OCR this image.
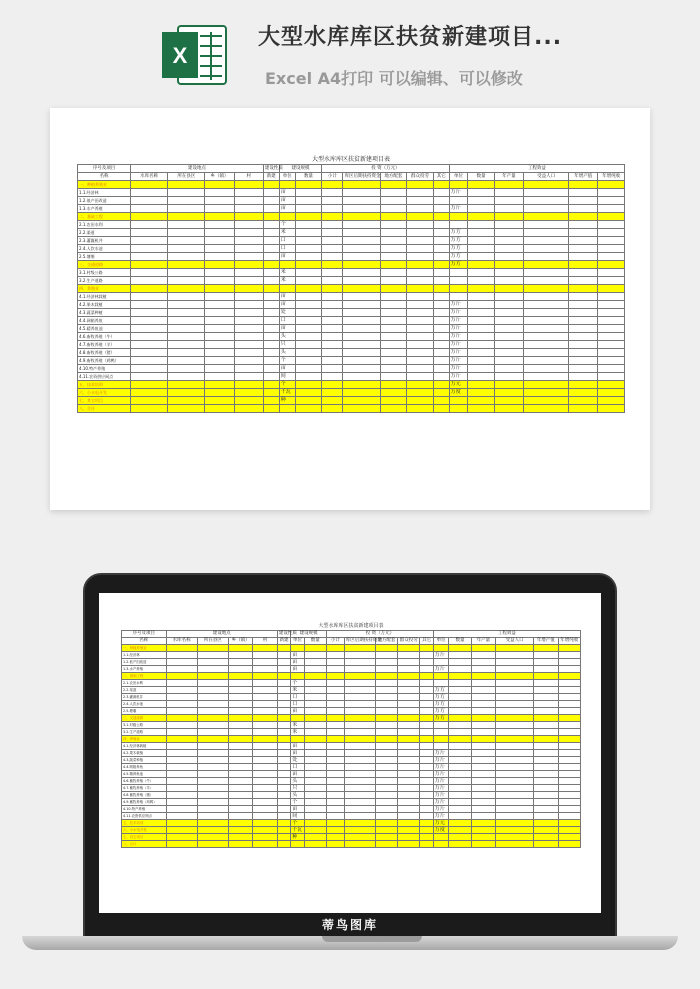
X
大型水库库区扶贫新建项目...
Excel A4打印 可以编辑、可以修改
大型水库库区扶贫新建项目表
序号及项目	建设地点				建设性质	建设规模		投 资（万元）					工程效益					
名称	水库名称	所在县区	乡（镇）	村	新建	单位	数量	小计	库区后期扶持资金	地方配套	群众投劳	其它	单位	数量	年产量	受益人口	年增产值	年增纯收
一、种植养殖业																		
1.1.经济林						亩							万斤					
1.2.低产田改造						亩												
1.3.水产养殖						亩							万斤					
二、基础工程																		
2.1.农田水利						个												
2.2.渠道						米							万方					
2.3.灌溉机井						口							万方					
2.4.人饮水池						口							万方					
2.5.塘堰						亩							万方					
三、交通道路													万方					
3.1.村级公路						米												
3.2.生产道路						米												
四、养殖业																		
4.1.经济林栽植						亩												
4.2.果木栽植						亩							万斤					
4.3.蔬菜种植						处							万斤					
4.4.网箱养鱼						口							万斤					
4.5.精养鱼池						亩							万斤					
4.6.畜牧养殖（牛）						头							万斤					
4.7.畜牧养殖（羊）						只							万斤					
4.8.畜牧养殖（猪）						头							万斤					
4.9.畜牧养殖（鸡鸭）						个							万斤					
4.10.特产养殖						亩							万斤					
4.11.农资供应网点						间							万斤					
五、技术培训						个							万元					
六、小水电开发						千瓦							万度					
七、其它项目						种												
八、合计																		
大型水库库区扶贫新建项目表
序号及项目	建设地点				建设性质	建设规模		投 资（万元）					工程效益					
名称	水库名称	所在县区	乡（镇）	村	新建	单位	数量	小计	库区后期扶持资金	地方配套	群众投劳	其它	单位	数量	年产量	受益人口	年增产值	年增纯收
一、种植养殖业																		
1.1.经济林						亩							万斤					
1.2.低产田改造						亩												
1.3.水产养殖						亩							万斤					
二、基础工程																		
2.1.农田水利						个												
2.2.渠道						米							万方					
2.3.灌溉机井						口							万方					
2.4.人饮水池						口							万方					
2.5.塘堰						亩							万方					
三、交通道路													万方					
3.1.村级公路						米												
3.2.生产道路						米												
四、养殖业																		
4.1.经济林栽植						亩												
4.2.果木栽植						亩							万斤					
4.3.蔬菜种植						处							万斤					
4.4.网箱养鱼						口							万斤					
4.5.精养鱼池						亩							万斤					
4.6.畜牧养殖（牛）						头							万斤					
4.7.畜牧养殖（羊）						只							万斤					
4.8.畜牧养殖（猪）						头							万斤					
4.9.畜牧养殖（鸡鸭）						个							万斤					
4.10.特产养殖						亩							万斤					
4.11.农资供应网点						间							万斤					
五、技术培训						个							万元					
六、小水电开发						千瓦							万度					
七、其它项目						种												
八、合计																		
蒂鸟图库
